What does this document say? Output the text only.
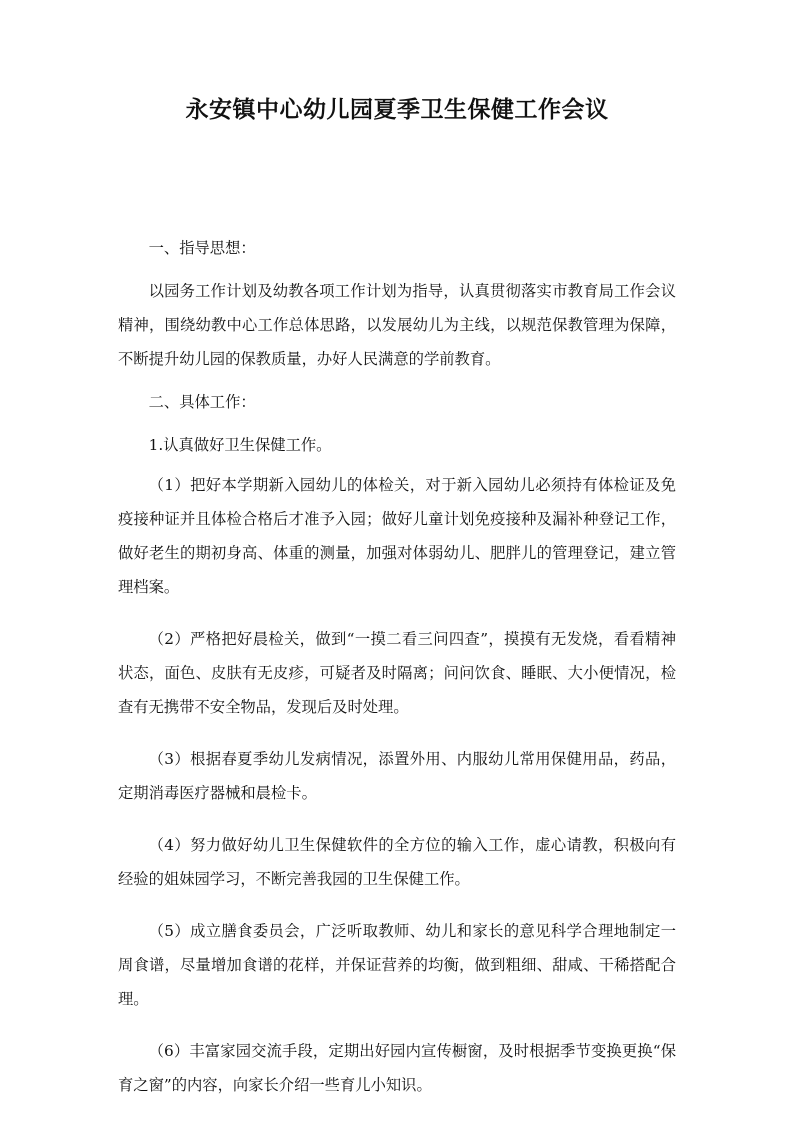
永安镇中心幼儿园夏季卫生保健工作会议

一、指导思想：

以园务工作计划及幼教各项工作计划为指导，认真贯彻落实市教育局工作会议精神，围绕幼教中心工作总体思路，以发展幼儿为主线，以规范保教管理为保障，不断提升幼儿园的保教质量，办好人民满意的学前教育。

二、具体工作：

1.认真做好卫生保健工作。

（1）把好本学期新入园幼儿的体检关，对于新入园幼儿必须持有体检证及免疫接种证并且体检合格后才准予入园；做好儿童计划免疫接种及漏补种登记工作，做好老生的期初身高、体重的测量，加强对体弱幼儿、肥胖儿的管理登记，建立管理档案。

（2）严格把好晨检关，做到“一摸二看三问四查”，摸摸有无发烧，看看精神状态，面色、皮肤有无皮疹，可疑者及时隔离；问问饮食、睡眠、大小便情况，检查有无携带不安全物品，发现后及时处理。

（3）根据春夏季幼儿发病情况，添置外用、内服幼儿常用保健用品，药品，定期消毒医疗器械和晨检卡。

（4）努力做好幼儿卫生保健软件的全方位的输入工作，虚心请教，积极向有经验的姐妹园学习，不断完善我园的卫生保健工作。

（5）成立膳食委员会，广泛听取教师、幼儿和家长的意见科学合理地制定一周食谱，尽量增加食谱的花样，并保证营养的均衡，做到粗细、甜咸、干稀搭配合理。

（6）丰富家园交流手段，定期出好园内宣传橱窗，及时根据季节变换更换“保育之窗”的内容，向家长介绍一些育儿小知识。
